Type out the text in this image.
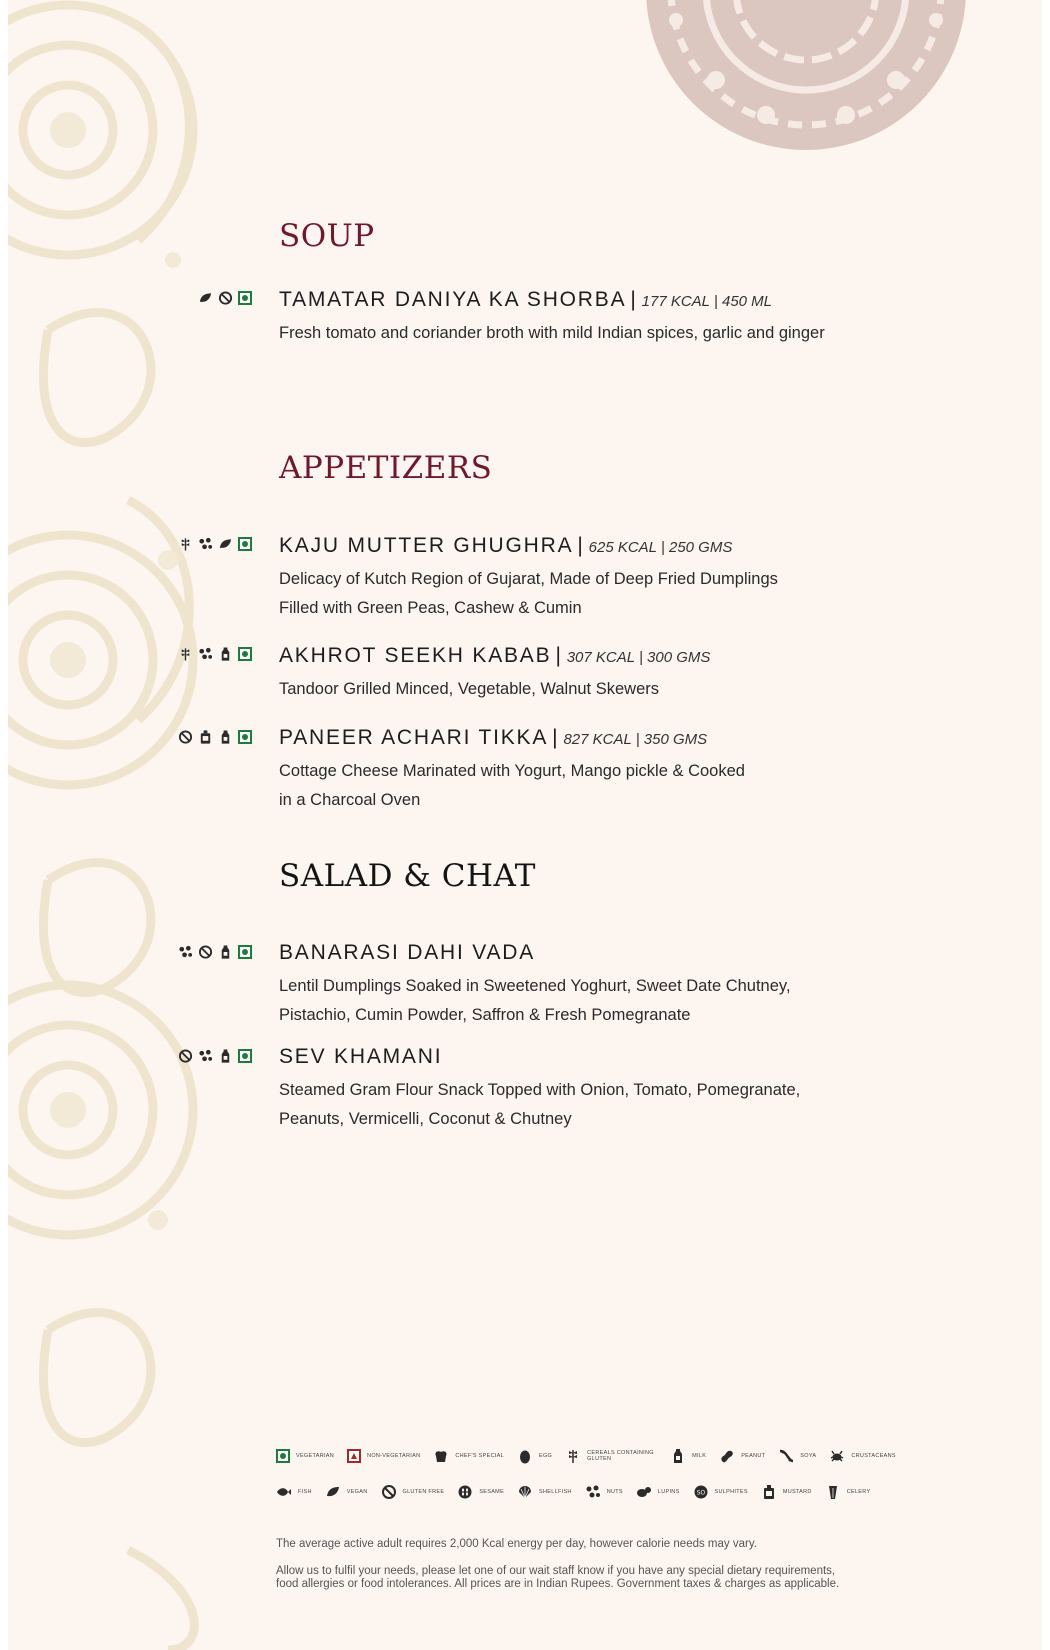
SOUP
TAMATAR DANIYA KA SHORBA | 177 KCAL | 450 ML
Fresh tomato and coriander broth with mild Indian spices, garlic and ginger
APPETIZERS
KAJU MUTTER GHUGHRA | 625 KCAL | 250 GMS
Delicacy of Kutch Region of Gujarat, Made of Deep Fried Dumplings
Filled with Green Peas, Cashew & Cumin
AKHROT SEEKH KABAB | 307 KCAL | 300 GMS
Tandoor Grilled Minced, Vegetable, Walnut Skewers
PANEER ACHARI TIKKA | 827 KCAL | 350 GMS
Cottage Cheese Marinated with Yogurt, Mango pickle & Cooked
in a Charcoal Oven
SALAD & CHAT
BANARASI DAHI VADA
Lentil Dumplings Soaked in Sweetened Yoghurt, Sweet Date Chutney,
Pistachio, Cumin Powder, Saffron & Fresh Pomegranate
SEV KHAMANI
Steamed Gram Flour Snack Topped with Onion, Tomato, Pomegranate,
Peanuts, Vermicelli, Coconut & Chutney
VEGETARIAN	NON-VEGETARIAN	CHEF'S SPECIAL	EGG
CEREALS CONTAINING GLUTEN
MILK	PEANUT	SOYA	CRUSTACEANS
FISH	VEGAN	GLUTEN FREE	SESAME	SHELLFISH	NUTS	LUPINS	SO SULPHITES	MUSTARD	CELERY

The average active adult requires 2,000 Kcal energy per day, however calorie needs may vary.

Allow us to fulfil your needs, please let one of our wait staff know if you have any special dietary requirements,

food allergies or food intolerances. All prices are in Indian Rupees. Government taxes & charges as applicable.
